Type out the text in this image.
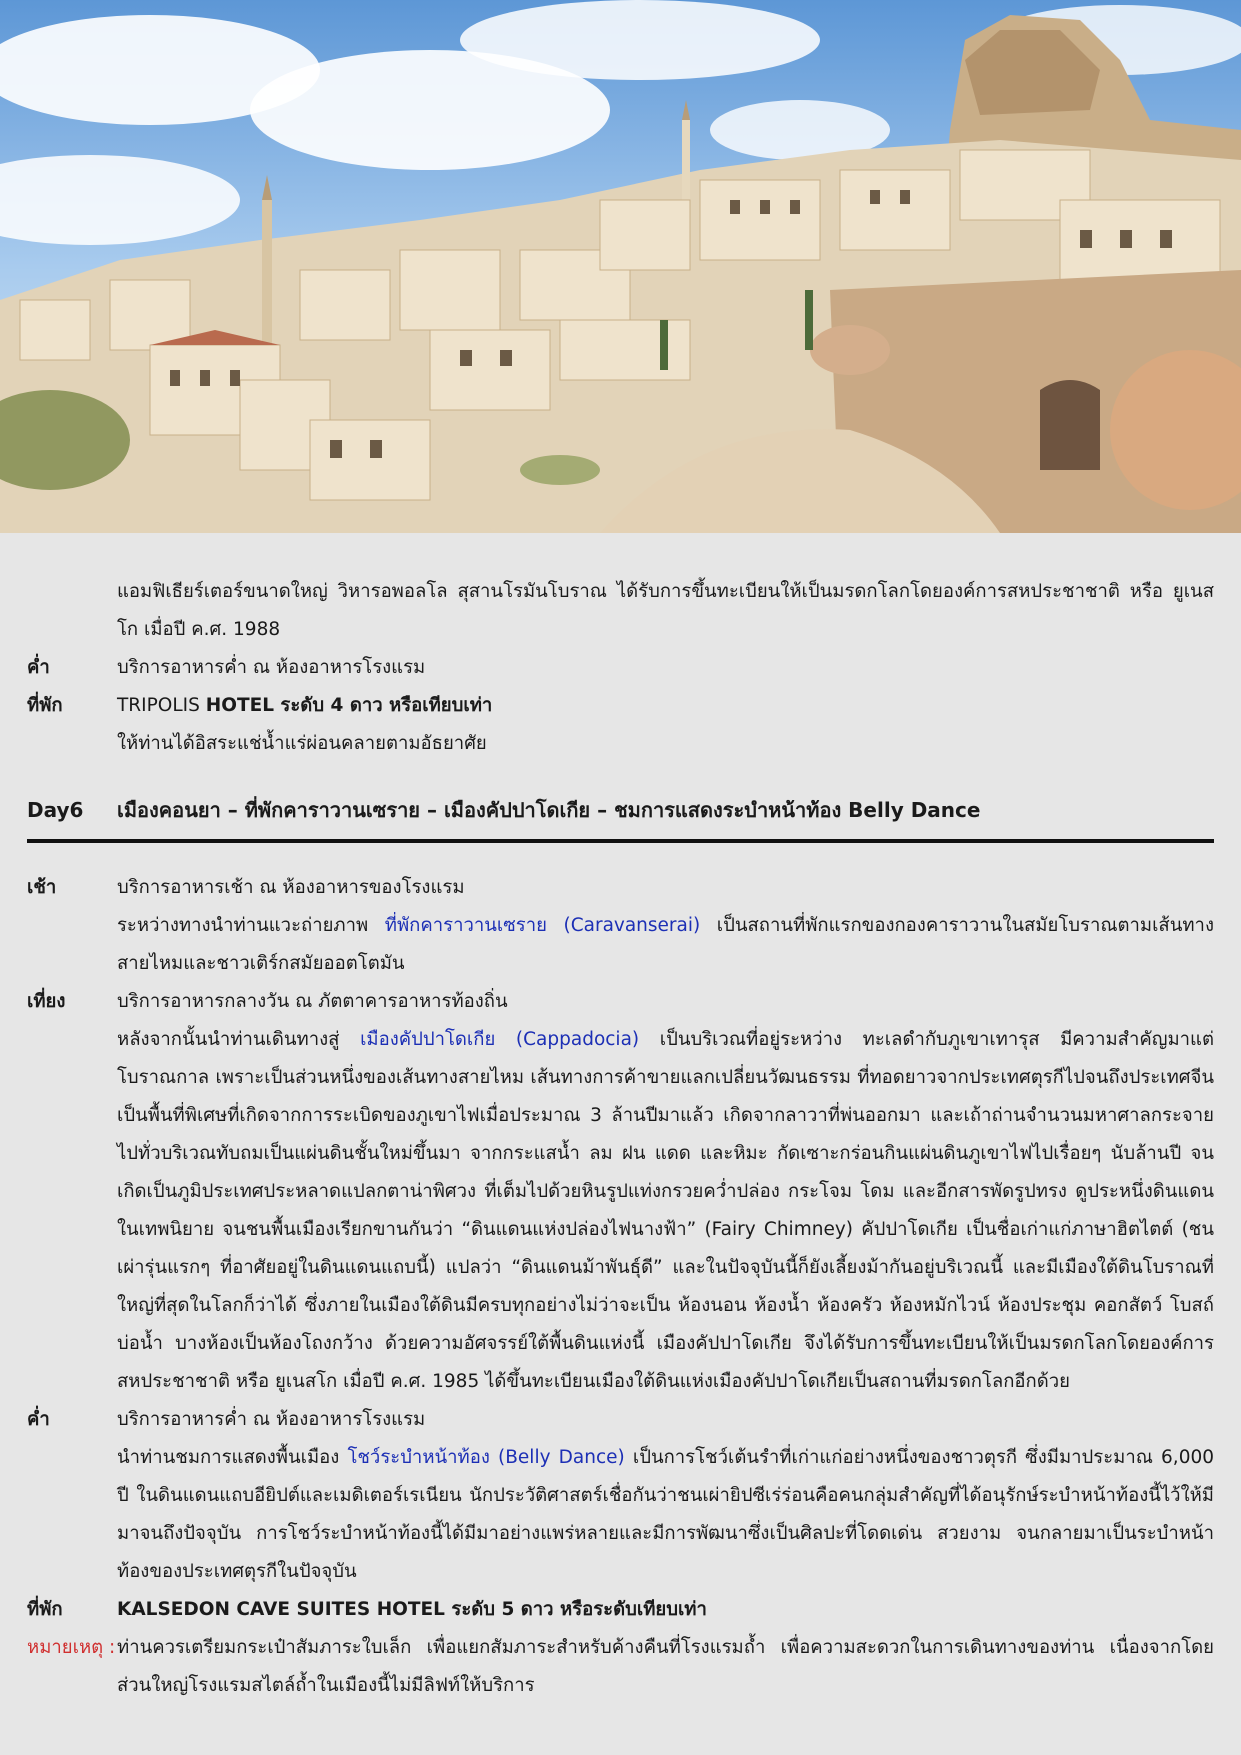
แอมฟิเธียร์เตอร์ขนาดใหญ่ วิหารอพอลโล สุสานโรมันโบราณ ได้รับการขึ้นทะเบียนให้เป็นมรดกโลกโดยองค์การสหประชาชาติ หรือ ยูเนสโก เมื่อปี ค.ศ. 1988
ค่ำ	บริการอาหารค่ำ ณ ห้องอาหารโรงแรม
ที่พัก	TRIPOLIS HOTEL ระดับ 4 ดาว หรือเทียบเท่า
ให้ท่านได้อิสระแช่น้ำแร่ผ่อนคลายตามอัธยาศัย
Day6	เมืองคอนยา – ที่พักคาราวานเซราย – เมืองคัปปาโดเกีย – ชมการแสดงระบำหน้าท้อง Belly Dance
เช้า	บริการอาหารเช้า ณ ห้องอาหารของโรงแรม
ระหว่างทางนำท่านแวะถ่ายภาพ ที่พักคาราวานเซราย (Caravanserai) เป็นสถานที่พักแรกของกองคาราวานในสมัยโบราณตามเส้นทางสายไหมและชาวเติร์กสมัยออตโตมัน
เที่ยง	บริการอาหารกลางวัน ณ ภัตตาคารอาหารท้องถิ่น
หลังจากนั้นนำท่านเดินทางสู่ เมืองคัปปาโดเกีย (Cappadocia) เป็นบริเวณที่อยู่ระหว่าง ทะเลดำกับภูเขาเทารุส มีความสำคัญมาแต่โบราณกาล เพราะเป็นส่วนหนึ่งของเส้นทางสายไหม เส้นทางการค้าขายแลกเปลี่ยนวัฒนธรรม ที่ทอดยาวจากประเทศตุรกีไปจนถึงประเทศจีน เป็นพื้นที่พิเศษที่เกิดจากการระเบิดของภูเขาไฟเมื่อประมาณ 3 ล้านปีมาแล้ว เกิดจากลาวาที่พ่นออกมา และเถ้าถ่านจำนวนมหาศาลกระจายไปทั่วบริเวณทับถมเป็นแผ่นดินชั้นใหม่ขึ้นมา จากกระแสน้ำ ลม ฝน แดด และหิมะ กัดเซาะกร่อนกินแผ่นดินภูเขาไฟไปเรื่อยๆ นับล้านปี จนเกิดเป็นภูมิประเทศประหลาดแปลกตาน่าพิศวง ที่เต็มไปด้วยหินรูปแท่งกรวยคว่ำปล่อง กระโจม โดม และอีกสารพัดรูปทรง ดูประหนึ่งดินแดนในเทพนิยาย จนชนพื้นเมืองเรียกขานกันว่า “ดินแดนแห่งปล่องไฟนางฟ้า” (Fairy Chimney) คัปปาโดเกีย เป็นชื่อเก่าแก่ภาษาฮิตไตต์ (ชนเผ่ารุ่นแรกๆ ที่อาศัยอยู่ในดินแดนแถบนี้) แปลว่า “ดินแดนม้าพันธุ์ดี” และในปัจจุบันนี้ก็ยังเลี้ยงม้ากันอยู่บริเวณนี้ และมีเมืองใต้ดินโบราณที่ใหญ่ที่สุดในโลกก็ว่าได้ ซึ่งภายในเมืองใต้ดินมีครบทุกอย่างไม่ว่าจะเป็น ห้องนอน ห้องน้ำ ห้องครัว ห้องหมักไวน์ ห้องประชุม คอกสัตว์ โบสถ์ บ่อน้ำ บางห้องเป็นห้องโถงกว้าง ด้วยความอัศจรรย์ใต้พื้นดินแห่งนี้ เมืองคัปปาโดเกีย จึงได้รับการขึ้นทะเบียนให้เป็นมรดกโลกโดยองค์การสหประชาชาติ หรือ ยูเนสโก เมื่อปี ค.ศ. 1985 ได้ขึ้นทะเบียนเมืองใต้ดินแห่งเมืองคัปปาโดเกียเป็นสถานที่มรดกโลกอีกด้วย
ค่ำ	บริการอาหารค่ำ ณ ห้องอาหารโรงแรม
นำท่านชมการแสดงพื้นเมือง โชว์ระบำหน้าท้อง (Belly Dance) เป็นการโชว์เต้นรำที่เก่าแก่อย่างหนึ่งของชาวตุรกี ซึ่งมีมาประมาณ 6,000 ปี ในดินแดนแถบอียิปต์และเมดิเตอร์เรเนียน นักประวัติศาสตร์เชื่อกันว่าชนเผ่ายิปซีเร่ร่อนคือคนกลุ่มสำคัญที่ได้อนุรักษ์ระบำหน้าท้องนี้ไว้ให้มีมาจนถึงปัจจุบัน การโชว์ระบำหน้าท้องนี้ได้มีมาอย่างแพร่หลายและมีการพัฒนาซึ่งเป็นศิลปะที่โดดเด่น สวยงาม จนกลายมาเป็นระบำหน้าท้องของประเทศตุรกีในปัจจุบัน
ที่พัก	KALSEDON CAVE SUITES HOTEL ระดับ 5 ดาว หรือระดับเทียบเท่า
หมายเหตุ : ท่านควรเตรียมกระเป๋าสัมภาระใบเล็ก เพื่อแยกสัมภาระสำหรับค้างคืนที่โรงแรมถ้ำ เพื่อความสะดวกในการเดินทางของท่าน เนื่องจากโดยส่วนใหญ่โรงแรมสไตล์ถ้ำในเมืองนี้ไม่มีลิฟท์ให้บริการ
